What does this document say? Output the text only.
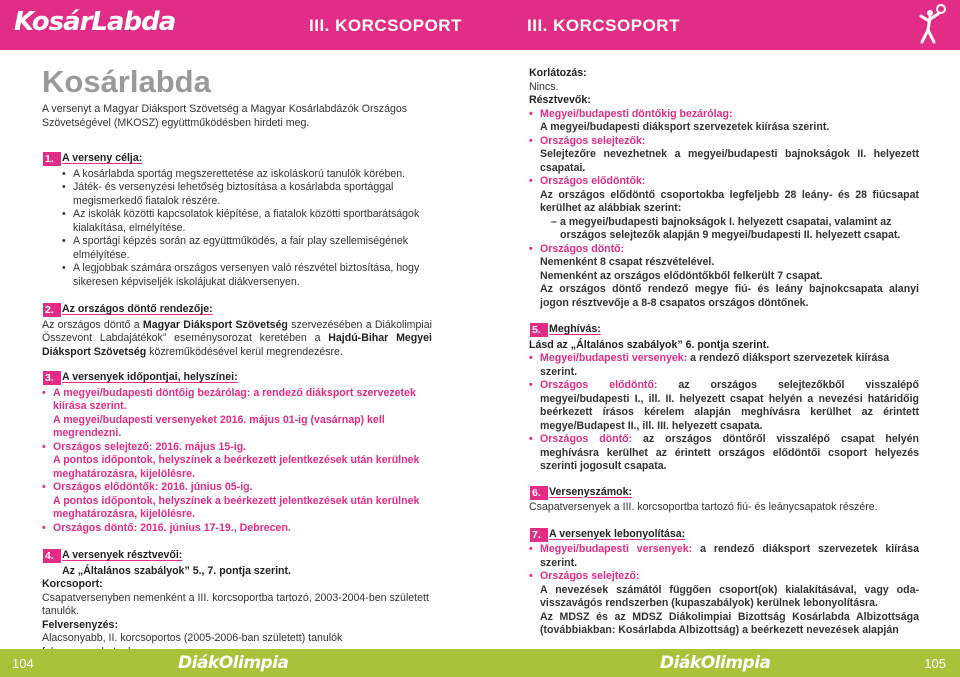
KosárLabda	III. KORCSOPORT	III. KORCSOPORT
Kosárlabda
A versenyt a Magyar Diáksport Szövetség a Magyar Kosárlabdázók Országos Szövetségével (MKOSZ) együttműködésben hirdeti meg.
1. A verseny célja:
• A kosárlabda sportág megszerettetése az iskoláskorú tanulók körében.
• Játék- és versenyzési lehetőség biztosítása a kosárlabda sportággal megismerkedő fiatalok részére.
• Az iskolák közötti kapcsolatok kiépítése, a fiatalok közötti sportbarátságok kialakítása, elmélyítése.
• A sportági képzés során az együttműködés, a fair play szellemiségének elmélyítése.
• A legjobbak számára országos versenyen való részvétel biztosítása, hogy sikeresen képviseljék iskolájukat diákversenyen.
2. Az országos döntő rendezője:
Az országos döntő a Magyar Diáksport Szövetség szervezésében a Diákolimpiai Összevont Labdajátékok” eseménysorozat keretében a Hajdú-Bihar Megyei Diáksport Szövetség közreműködésével kerül megrendezésre.
3. A versenyek időpontjai, helyszínei:
• A megyei/budapesti döntőig bezárólag: a rendező diáksport szervezetek kiírása szerint.
A megyei/budapesti versenyeket 2016. május 01-ig (vasárnap) kell megrendezni.
• Országos selejtező: 2016. május 15-ig.
A pontos időpontok, helyszínek a beérkezett jelentkezések után kerülnek meghatározásra, kijelölésre.
• Országos elődöntők: 2016. június 05-ig.
A pontos időpontok, helyszínek a beérkezett jelentkezések után kerülnek meghatározásra, kijelölésre.
• Országos döntő: 2016. június 17-19., Debrecen.
4. A versenyek résztvevői:
Az „Általános szabályok” 5., 7. pontja szerint.
Korcsoport:
Csapatversenyben nemenként a III. korcsoportba tartozó, 2003-2004-ben született tanulók.
Felversenyzés:
Alacsonyabb, II. korcsoportos (2005-2006-ban született) tanulók
Korlátozás:
Nincs.
Résztvevők:
• Megyei/budapesti döntőkig bezárólag:
A megyei/budapesti diáksport szervezetek kiírása szerint.
• Országos selejtezők:
Selejtezőre nevezhetnek a megyei/budapesti bajnokságok II. helyezett csapatai.
• Országos elődöntők:
Az országos elődöntő csoportokba legfeljebb 28 leány- és 28 fiúcsapat kerülhet az alábbiak szerint:
– a megyei/budapesti bajnokságok I. helyezett csapatai, valamint az országos selejtezők alapján 9 megyei/budapesti II. helyezett csapat.
• Országos döntő:
Nemenként 8 csapat részvételével.
Nemenként az országos elődöntőkből felkerült 7 csapat.
Az országos döntő rendező megye fiú- és leány bajnokcsapata alanyi jogon résztvevője a 8-8 csapatos országos döntőnek.
5. Meghívás:
Lásd az „Általános szabályok” 6. pontja szerint.
• Megyei/budapesti versenyek: a rendező diáksport szervezetek kiírása szerint.
• Országos elődöntő: az országos selejtezőkből visszalépő megyei/budapesti I., ill. II. helyezett csapat helyén a nevezési határidőig beérkezett írásos kérelem alapján meghívásra kerülhet az érintett megye/Budapest II., ill. III. helyezett csapata.
• Országos döntő: az országos döntőről visszalépő csapat helyén meghívásra kerülhet az érintett országos elődöntői csoport helyezés szerinti jogosult csapata.
6. Versenyszámok:
Csapatversenyek a III. korcsoportba tartozó fiú- és leánycsapatok részére.
7. A versenyek lebonyolítása:
• Megyei/budapesti versenyek: a rendező diáksport szervezetek kiírása szerint.
• Országos selejtező:
A nevezések számától függően csoport(ok) kialakításával, vagy oda-visszavágós rendszerben (kupaszabályok) kerülnek lebonyolításra.
Az MDSZ és az MDSZ Diákolimpiai Bizottság Kosárlabda Albizottsága (továbbiakban: Kosárlabda Albizottság) a beérkezett nevezések alapján
104	DiákOlimpia	DiákOlimpia	105
